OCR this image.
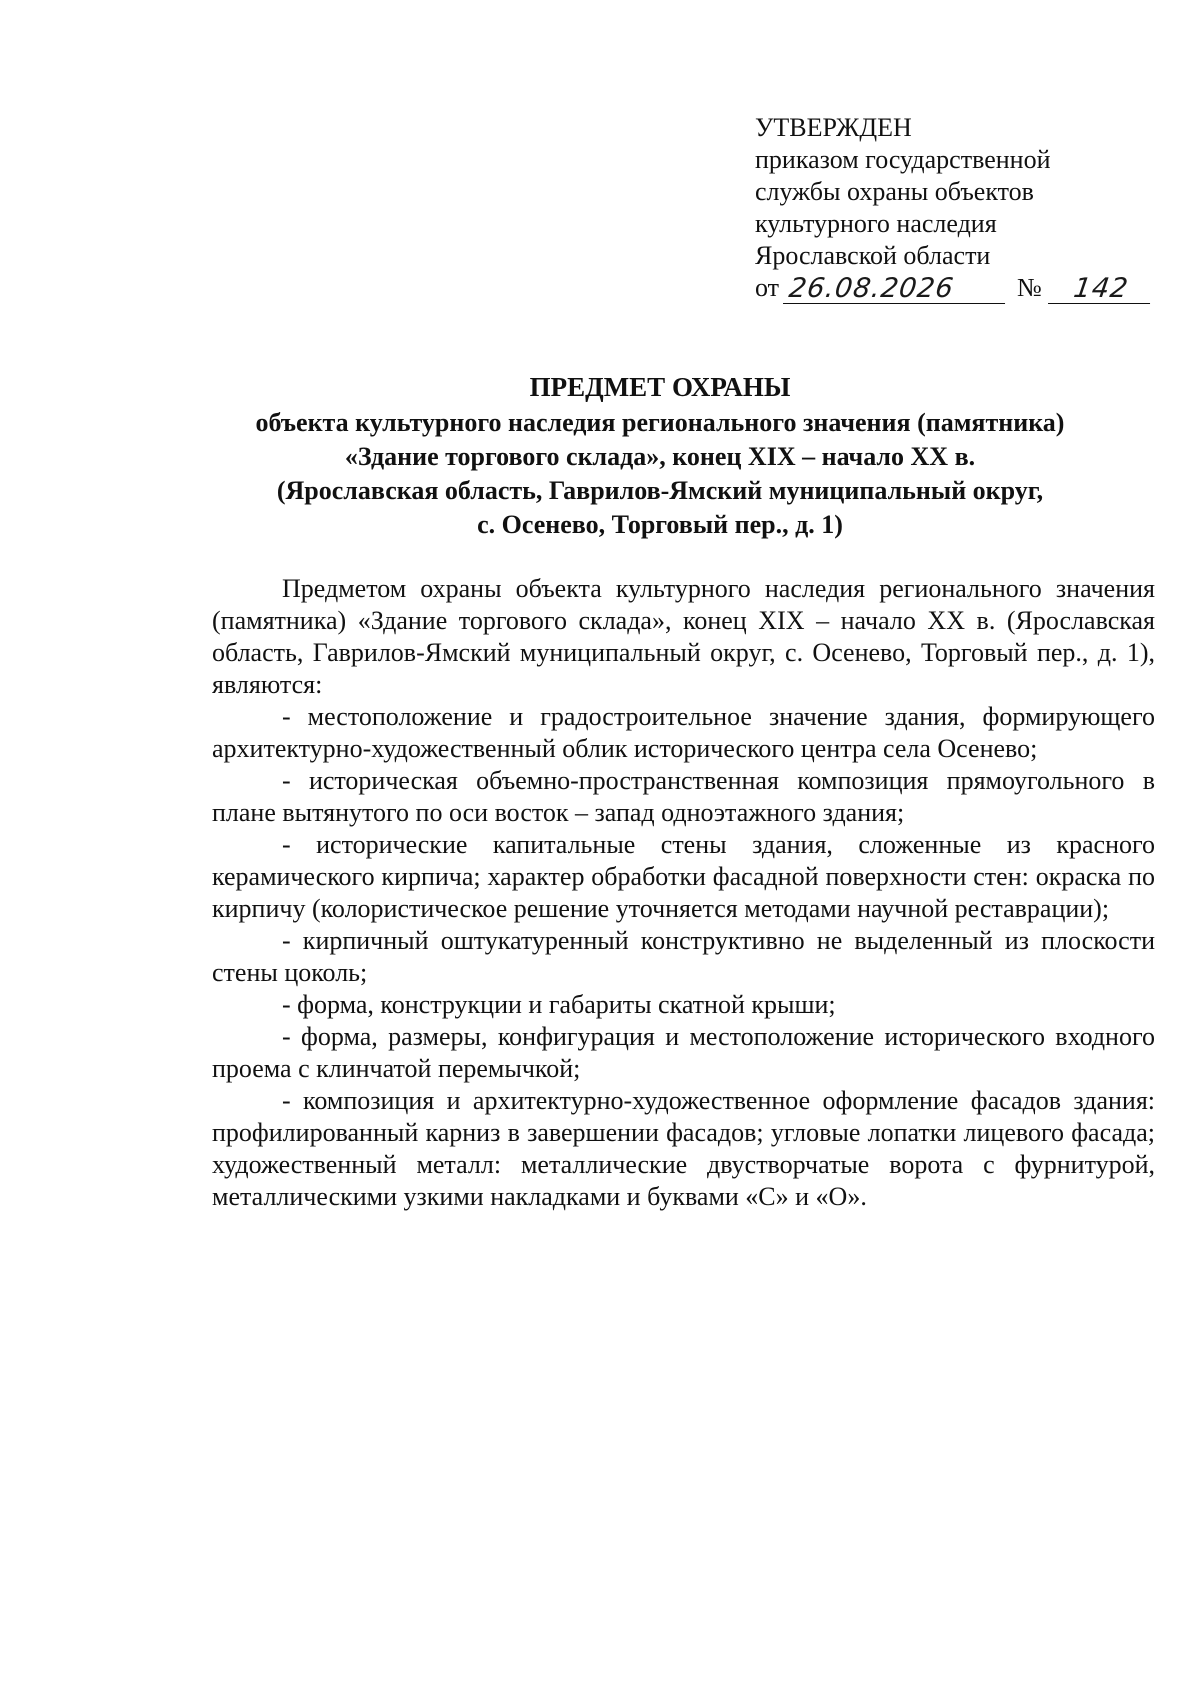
УТВЕРЖДЕН
приказом государственной
службы охраны объектов
культурного наследия
Ярославской области
от 26.08.2026	№	142
ПРЕДМЕТ ОХРАНЫ
объекта культурного наследия регионального значения (памятника)
«Здание торгового склада», конец XIX – начало XX в.
(Ярославская область, Гаврилов-Ямский муниципальный округ,
с. Осенево, Торговый пер., д. 1)

Предметом охраны объекта культурного наследия регионального значения (памятника) «Здание торгового склада», конец XIX – начало XX в. (Ярославская область, Гаврилов-Ямский муниципальный округ, с. Осенево, Торговый пер., д. 1), являются:

- местоположение и градостроительное значение здания, формирующего архитектурно-художественный облик исторического центра села Осенево;

- историческая объемно-пространственная композиция прямоугольного в плане вытянутого по оси восток – запад одноэтажного здания;

- исторические капитальные стены здания, сложенные из красного керамического кирпича; характер обработки фасадной поверхности стен: окраска по кирпичу (колористическое решение уточняется методами научной реставрации);

- кирпичный оштукатуренный конструктивно не выделенный из плоскости стены цоколь;

- форма, конструкции и габариты скатной крыши;

- форма, размеры, конфигурация и местоположение исторического входного проема с клинчатой перемычкой;

- композиция и архитектурно-художественное оформление фасадов здания: профилированный карниз в завершении фасадов; угловые лопатки лицевого фасада; художественный металл: металлические двустворчатые ворота с фурнитурой, металлическими узкими накладками и буквами «С» и «О».
